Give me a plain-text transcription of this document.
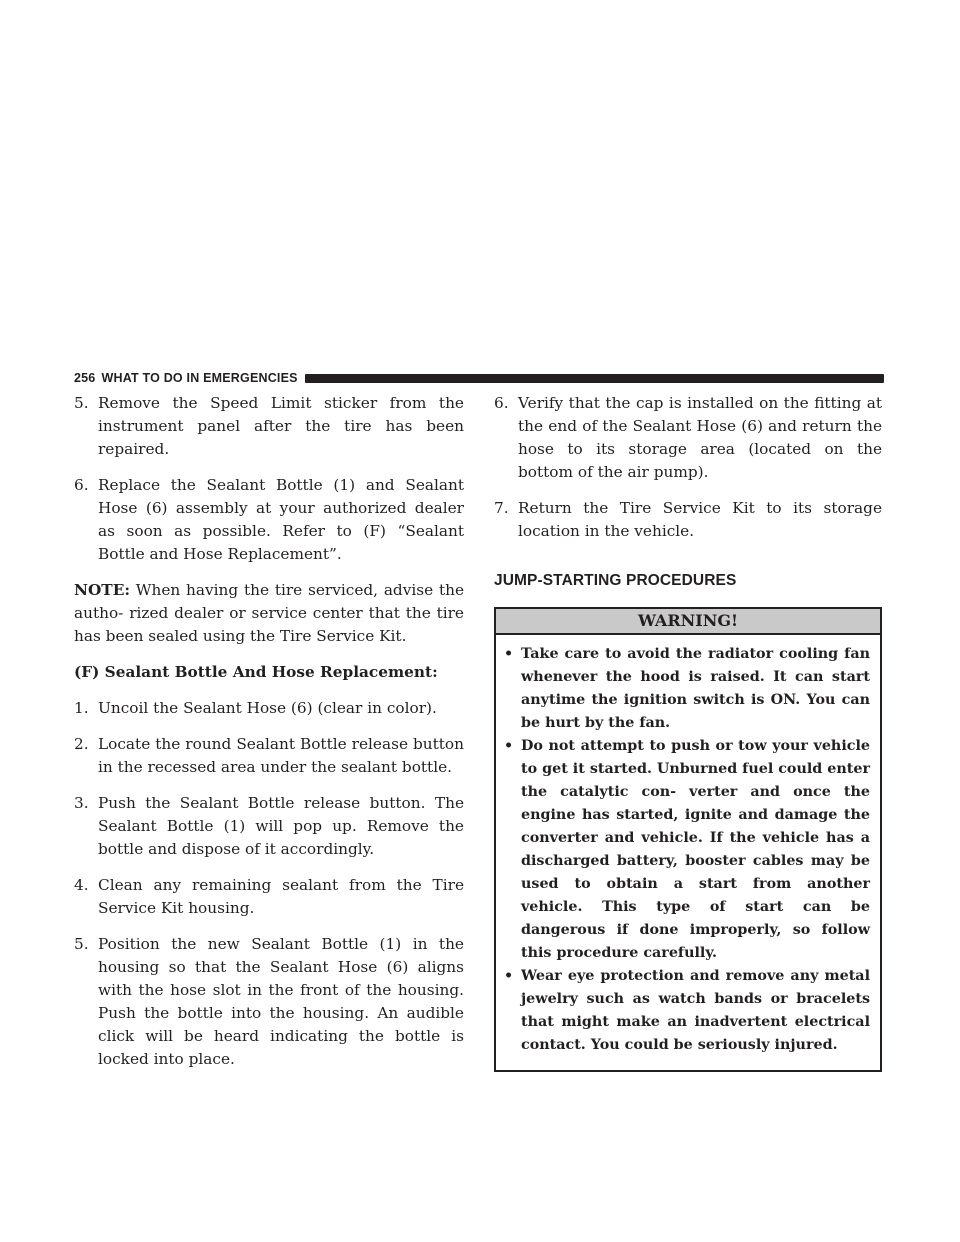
256 WHAT TO DO IN EMERGENCIES
5. Remove the Speed Limit sticker from the instrument panel after the tire has been repaired.
6. Replace the Sealant Bottle (1) and Sealant Hose (6) assembly at your authorized dealer as soon as possible. Refer to (F) “Sealant Bottle and Hose Replacement”.

NOTE: When having the tire serviced, advise the autho- rized dealer or service center that the tire has been sealed using the Tire Service Kit.

(F) Sealant Bottle And Hose Replacement:

1. Uncoil the Sealant Hose (6) (clear in color).
2. Locate the round Sealant Bottle release button in the recessed area under the sealant bottle.
3. Push the Sealant Bottle release button. The Sealant Bottle (1) will pop up. Remove the bottle and dispose of it accordingly.
4. Clean any remaining sealant from the Tire Service Kit housing.
5. Position the new Sealant Bottle (1) in the housing so that the Sealant Hose (6) aligns with the hose slot in the front of the housing. Push the bottle into the housing. An audible click will be heard indicating the bottle is locked into place.
6. Verify that the cap is installed on the fitting at the end of the Sealant Hose (6) and return the hose to its storage area (located on the bottom of the air pump).
7. Return the Tire Service Kit to its storage location in the vehicle.
JUMP-STARTING PROCEDURES
WARNING!
• Take care to avoid the radiator cooling fan whenever the hood is raised. It can start anytime the ignition switch is ON. You can be hurt by the fan.
• Do not attempt to push or tow your vehicle to get it started. Unburned fuel could enter the catalytic con- verter and once the engine has started, ignite and damage the converter and vehicle. If the vehicle has a discharged battery, booster cables may be used to obtain a start from another vehicle. This type of start can be dangerous if done improperly, so follow this procedure carefully.
• Wear eye protection and remove any metal jewelry such as watch bands or bracelets that might make an inadvertent electrical contact. You could be seriously injured.
